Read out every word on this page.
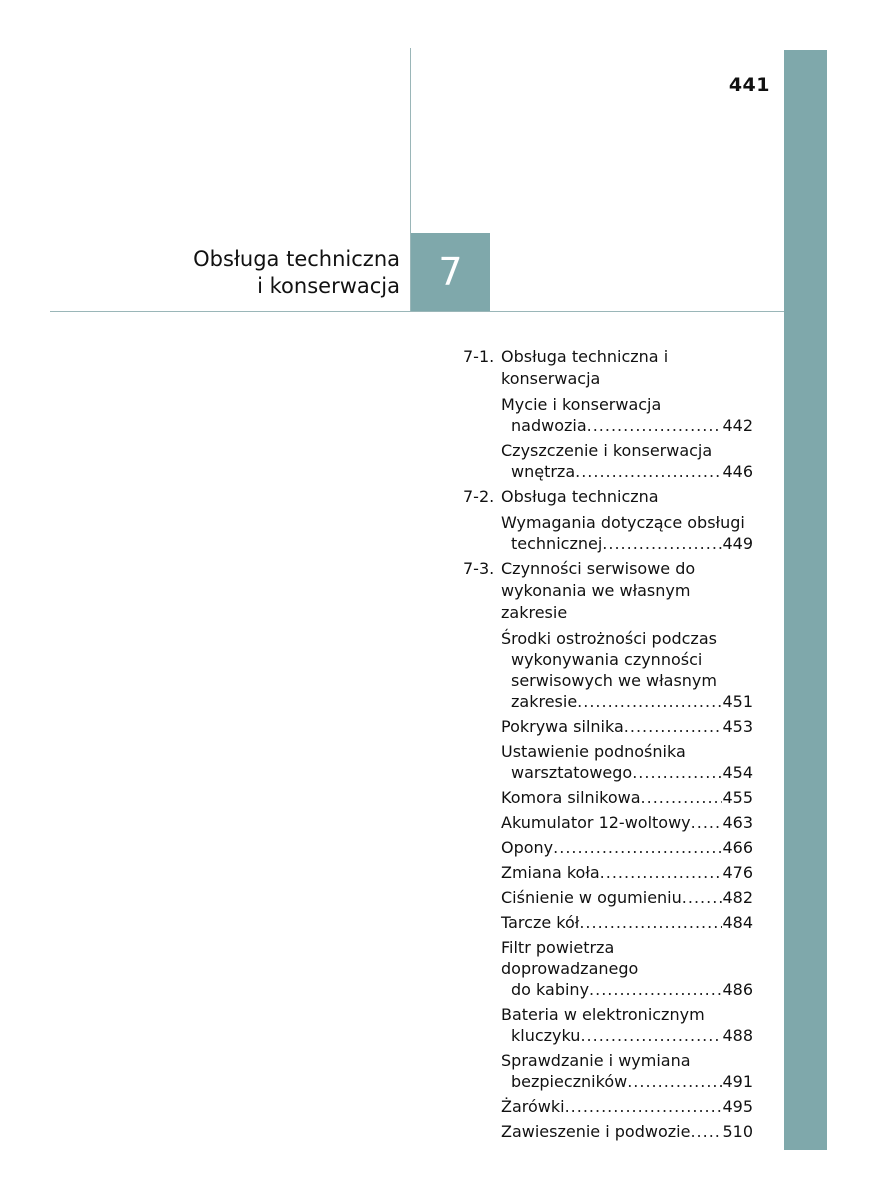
441
Obsługa techniczna
i konserwacja	7
7-1. Obsługa techniczna i konserwacja
Mycie i konserwacja
nadwozia .....	442
Czyszczenie i konserwacja
wnętrza .....	446
7-2. Obsługa techniczna
Wymagania dotyczące obsługi
technicznej .....	449
7-3. Czynności serwisowe do wykonania we własnym zakresie
Środki ostrożności podczas
wykonywania czynności
serwisowych we własnym
zakresie .....	451
Pokrywa silnika .....	453
Ustawienie podnośnika
warsztatowego .....	454
Komora silnikowa .....	455
Akumulator 12-woltowy ..... 463
Opony .....	466
Zmiana koła .....	476
Ciśnienie w ogumieniu .....	482
Tarcze kół .....	484
Filtr powietrza doprowadzanego
do kabiny .....	486
Bateria w elektronicznym
kluczyku .....	488
Sprawdzanie i wymiana
bezpieczników .....	491
Żarówki .....	495
Zawieszenie i podwozie ..... 510
